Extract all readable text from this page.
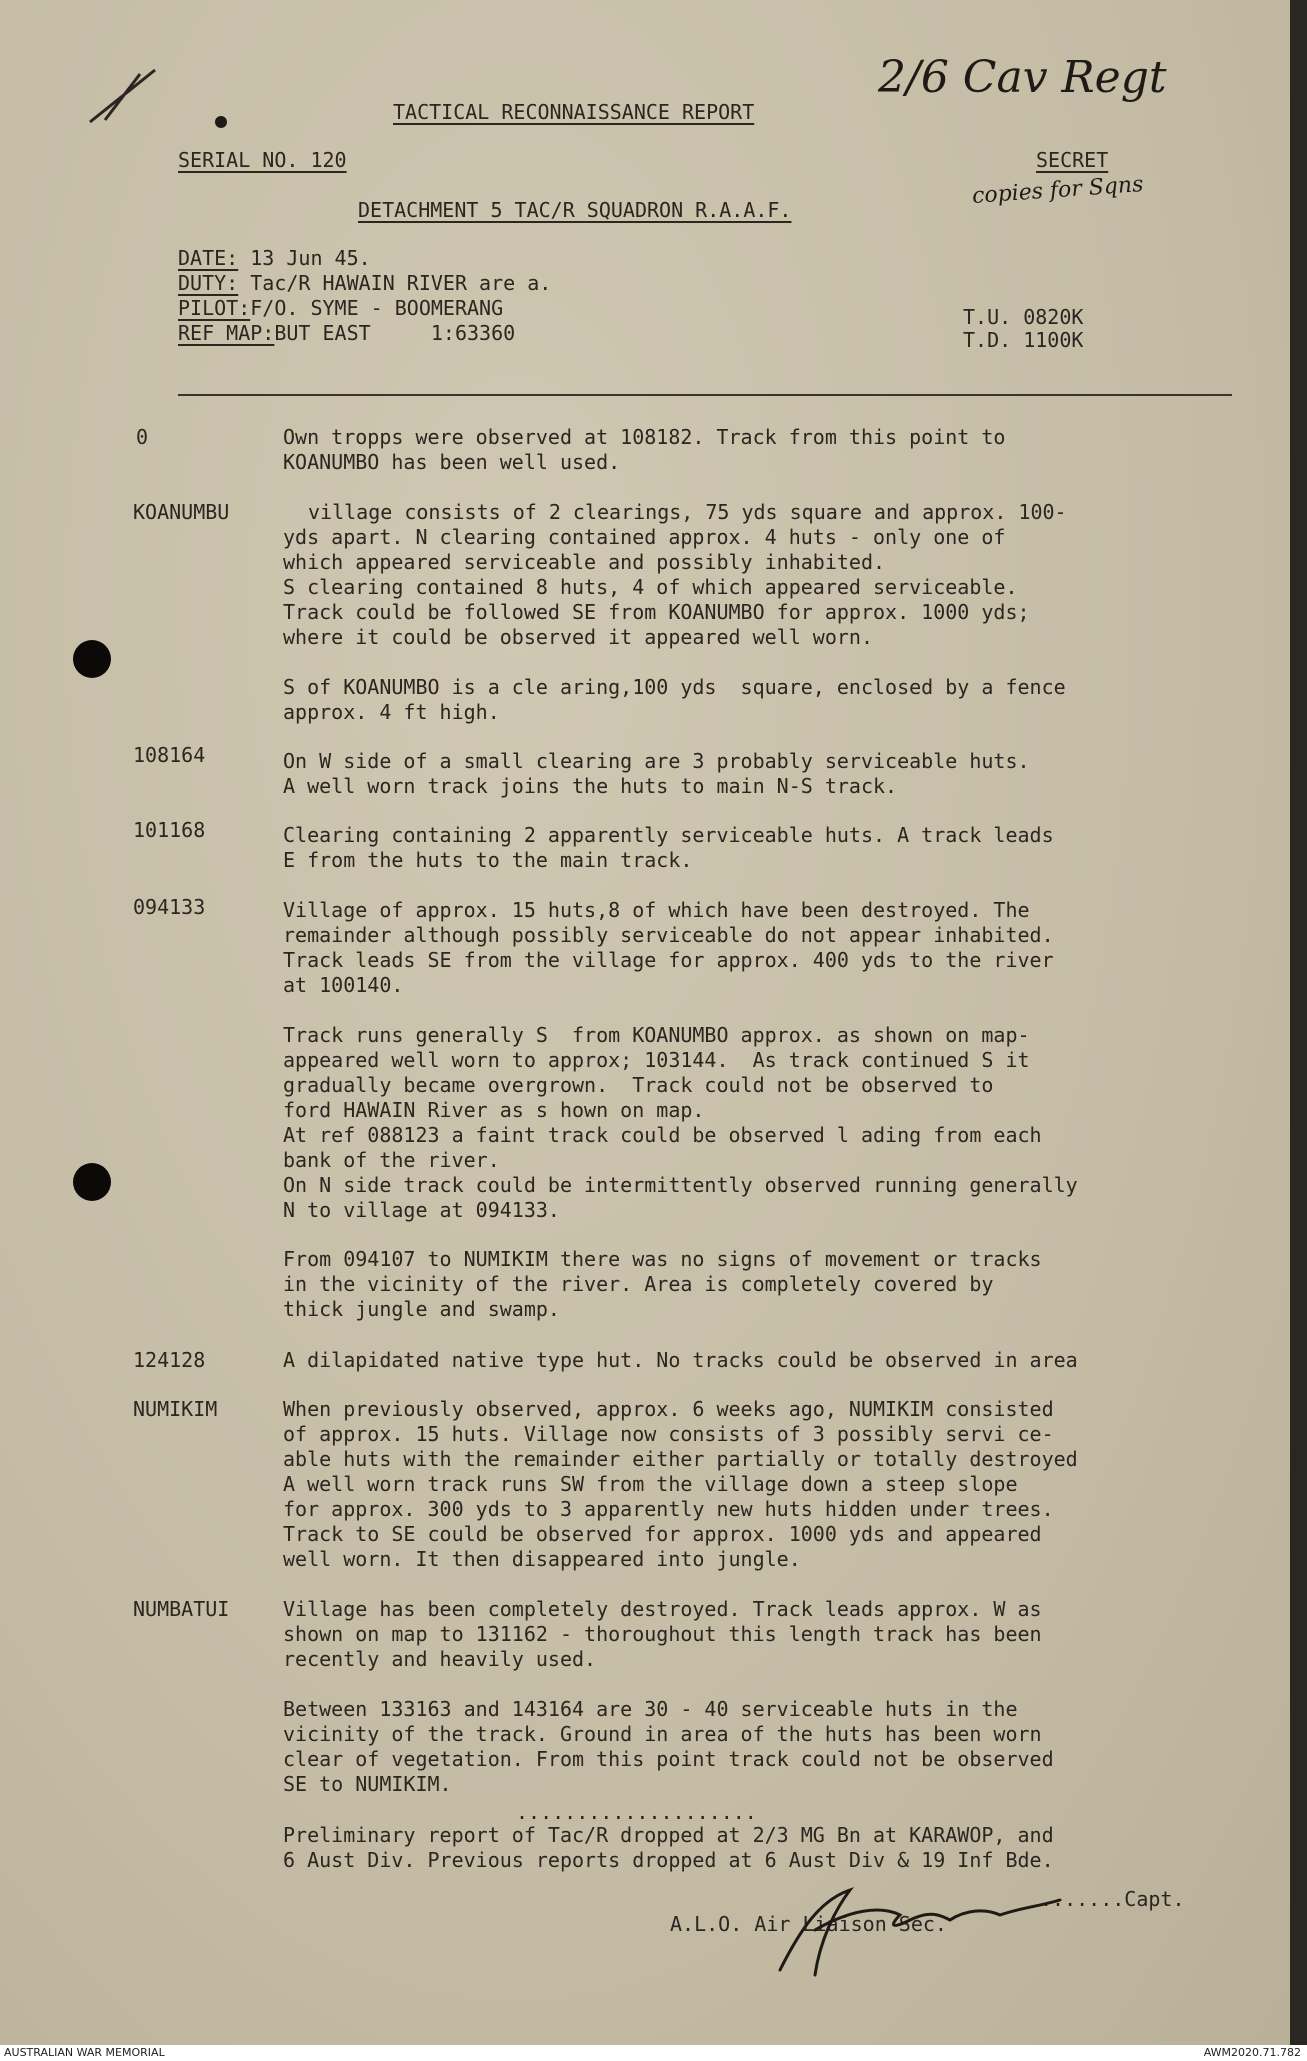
2/6 Cav Regt
copies for Sqns
TACTICAL RECONNAISSANCE REPORT
SERIAL NO. 120	SECRET
DETACHMENT 5 TAC/R SQUADRON R.A.A.F.
DATE: 13 Jun 45.
DUTY: Tac/R HAWAIN RIVER are a.
PILOT:F/O. SYME - BOOMERANG
REF MAP:BUT EAST     1:63360
T.U. 0820K
T.D. 1100K
0	Own tropps were observed at 108182. Track from this point to
KOANUMBO has been well used.
KOANUMBU	village consists of 2 clearings, 75 yds square and approx. 100-
yds apart. N clearing contained approx. 4 huts - only one of
which appeared serviceable and possibly inhabited.
S clearing contained 8 huts, 4 of which appeared serviceable.
Track could be followed SE from KOANUMBO for approx. 1000 yds;
where it could be observed it appeared well worn.
S of KOANUMBO is a cle aring,100 yds  square, enclosed by a fence
approx. 4 ft high.
108164	On W side of a small clearing are 3 probably serviceable huts.
A well worn track joins the huts to main N-S track.
101168	Clearing containing 2 apparently serviceable huts. A track leads
E from the huts to the main track.
094133	Village of approx. 15 huts,8 of which have been destroyed. The
remainder although possibly serviceable do not appear inhabited.
Track leads SE from the village for approx. 400 yds to the river
at 100140.
Track runs generally S  from KOANUMBO approx. as shown on map-
appeared well worn to approx; 103144.  As track continued S it
gradually became overgrown.  Track could not be observed to
ford HAWAIN River as s hown on map.
At ref 088123 a faint track could be observed l ading from each
bank of the river.
On N side track could be intermittently observed running generally
N to village at 094133.
From 094107 to NUMIKIM there was no signs of movement or tracks
in the vicinity of the river. Area is completely covered by
thick jungle and swamp.
124128	A dilapidated native type hut. No tracks could be observed in area
NUMIKIM	When previously observed, approx. 6 weeks ago, NUMIKIM consisted
of approx. 15 huts. Village now consists of 3 possibly servi ce-
able huts with the remainder either partially or totally destroyed
A well worn track runs SW from the village down a steep slope
for approx. 300 yds to 3 apparently new huts hidden under trees.
Track to SE could be observed for approx. 1000 yds and appeared
well worn. It then disappeared into jungle.
NUMBATUI	Village has been completely destroyed. Track leads approx. W as
shown on map to 131162 - thoroughout this length track has been
recently and heavily used.
Between 133163 and 143164 are 30 - 40 serviceable huts in the
vicinity of the track. Ground in area of the huts has been worn
clear of vegetation. From this point track could not be observed
SE to NUMIKIM.
....................
Preliminary report of Tac/R dropped at 2/3 MG Bn at KARAWOP, and
6 Aust Div. Previous reports dropped at 6 Aust Div & 19 Inf Bde.
.......Capt.
A.L.O. Air Liaison Sec.
AUSTRALIAN WAR MEMORIAL	AWM2020.71.782
